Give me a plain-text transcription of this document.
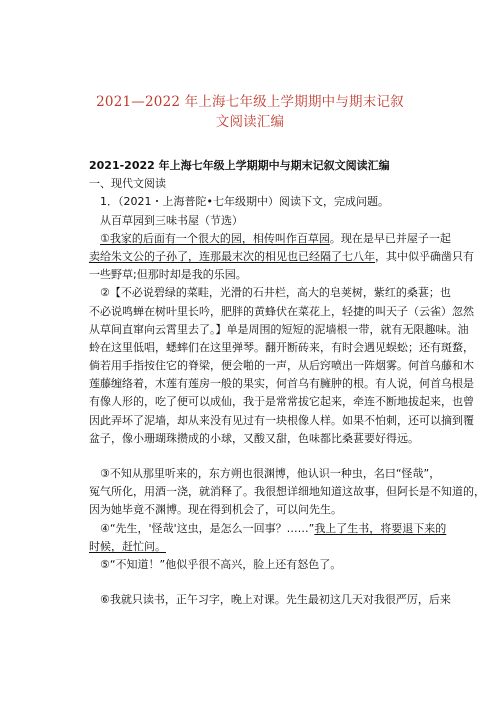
2021—2022 年上海七年级上学期期中与期末记叙
文阅读汇编
2021-2022 年上海七年级上学期期中与期末记叙文阅读汇编
一、现代文阅读
1．（2021・上海普陀•七年级期中）阅读下文，完成问题。
从百草园到三味书屋（节选）
①我家的后面有一个很大的园，相传叫作百草园。现在是早已并屋子一起
卖给朱文公的子孙了，连那最末次的相见也已经隔了七八年，其中似乎确凿只有
一些野草;但那时却是我的乐园。
②【不必说碧绿的菜畦，光滑的石井栏，高大的皂荚树，紫红的桑葚；也
不必说鸣蝉在树叶里长吟，肥胖的黄蜂伏在菜花上，轻捷的叫天子（云雀）忽然
从草间直窜向云霄里去了。】单是周围的短短的泥墙根一带，就有无限趣味。油
蛉在这里低唱，蟋蟀们在这里弹琴。翻开断砖来，有时会遇见蜈蚣；还有斑蝥，
倘若用手指按住它的脊梁，便会啪的一声，从后窍喷出一阵烟雾。何首乌藤和木
莲藤缠络着，木莲有莲房一般的果实，何首乌有臃肿的根。有人说，何首乌根是
有像人形的，吃了便可以成仙，我于是常常拔它起来，牵连不断地拔起来，也曾
因此弄坏了泥墙，却从来没有见过有一块根像人样。如果不怕刺，还可以摘到覆
盆子，像小珊瑚珠攒成的小球，又酸又甜，色味都比桑葚要好得远。
③不知从那里听来的，东方朔也很渊博，他认识一种虫，名曰“怪哉”，
冤气所化，用酒一浇，就消释了。我很想详细地知道这故事，但阿长是不知道的，
因为她毕竟不渊博。现在得到机会了，可以问先生。
④“先生，'怪哉'这虫，是怎么一回事？……”我上了生书，将要退下来的
时候，赶忙问。
⑤“不知道！”他似乎很不高兴，脸上还有怒色了。
⑥我就只读书，正午习字，晚上对课。先生最初这几天对我很严厉，后来
